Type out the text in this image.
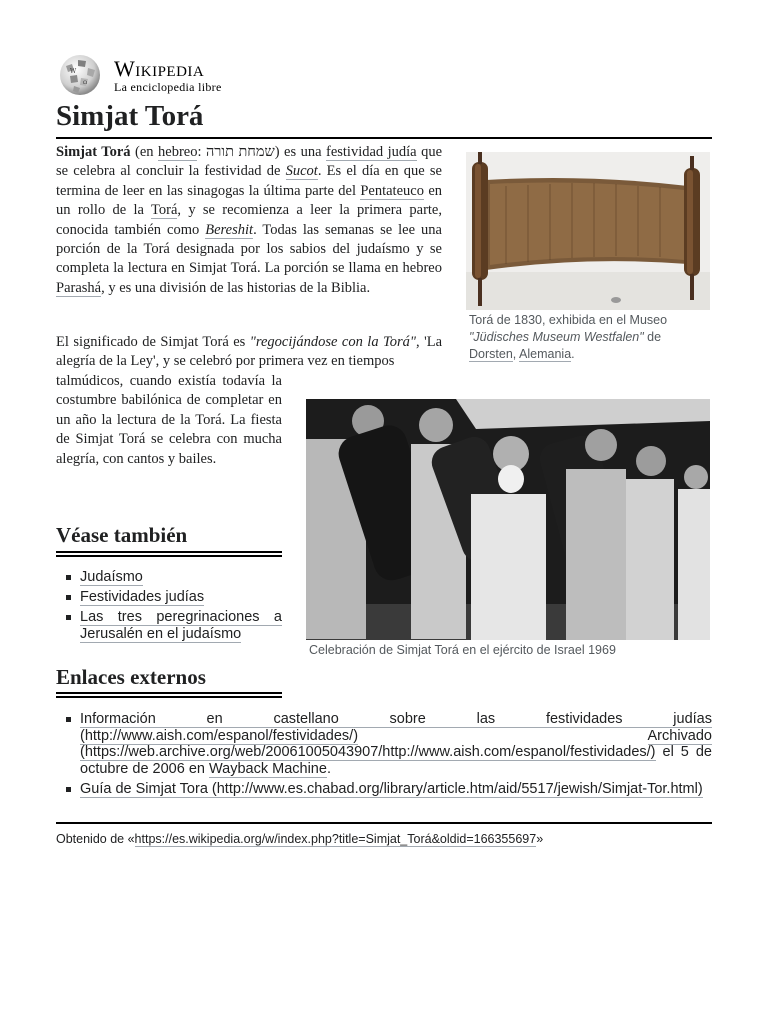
W
Ω
Wikipedia
La enciclopedia libre
Simjat Torá

Simjat Torá (en hebreo: שמחת תורה) es una festividad judía que se celebra al concluir la festividad de Sucot. Es el día en que se termina de leer en las sinagogas la última parte del Pentateuco en un rollo de la Torá, y se recomienza a leer la primera parte, conocida también como Bereshit. Todas las semanas se lee una porción de la Torá designada por los sabios del judaísmo y se completa la lectura en Simjat Torá. La porción se llama en hebreo Parashá, y es una división de las historias de la Biblia.

El significado de Simjat Torá es "regocijándose con la Torá", 'La alegría de la Ley', y se celebró por primera vez en tiempos

talmúdicos, cuando existía todavía la costumbre babilónica de completar en un año la lectura de la Torá. La fiesta de Simjat Torá se celebra con mucha alegría, con cantos y bailes.

Torá de 1830, exhibida en el Museo "Jüdisches Museum Westfalen" de Dorsten, Alemania.
Celebración de Simjat Torá en el ejército de Israel 1969
Véase también
Judaísmo
Festividades judías
Las tres peregrinaciones a Jerusalén en el judaísmo
Enlaces externos
Información en castellano sobre las festividades judías (http://www.aish.com/espanol/festividades/)	Archivado (https://web.archive.org/web/20061005043907/http://www.aish.com/espanol/festividades/) el 5 de octubre de 2006 en Wayback Machine.
Guía de Simjat Tora (http://www.es.chabad.org/library/article.htm/aid/5517/jewish/Simjat-Tor.html)
Obtenido de «https://es.wikipedia.org/w/index.php?title=Simjat_Torá&oldid=166355697»
